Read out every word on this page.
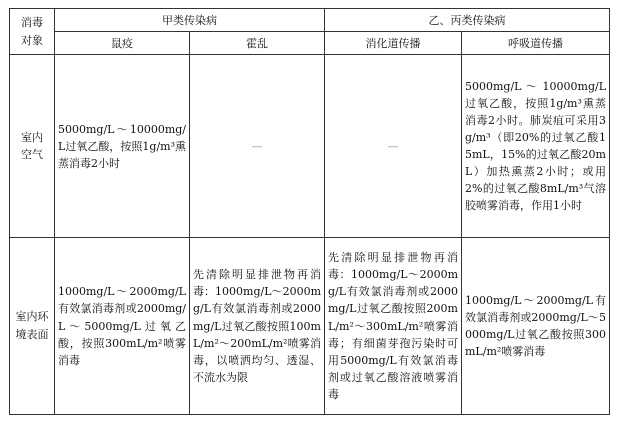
消毒
对象	甲类传染病		乙、丙类传染病	
	鼠疫	霍乱	消化道传播	呼吸道传播

室内
空气	5000mg/L～10000mg/L过氧乙酸，按照1g/m³熏蒸消毒2小时	—	—	5000mg/L ～ 10000mg/L过氧乙酸，按照1g/m³熏蒸消毒2小时。肺炭疽可采用3g/m³（即20%的过氧乙酸15mL，15%的过氧乙酸20mL）加热熏蒸2小时；或用2%的过氧乙酸8mL/m³气溶胶喷雾消毒，作用1小时

室内环
境表面	1000mg/L～2000mg/L有效氯消毒剂或2000mg/L～5000mg/L过氧乙酸，按照300mL/m²喷雾消毒	先清除明显排泄物再消毒：1000mg/L～2000mg/L有效氯消毒剂或2000mg/L过氧乙酸按照100mL/m²～200mL/m²喷雾消毒，以喷洒均匀、透湿、不流水为限	先清除明显排泄物再消毒：1000mg/L～2000mg/L有效氯消毒剂或2000mg/L过氧乙酸按照200mL/m²～300mL/m²喷雾消毒；有细菌芽孢污染时可用5000mg/L有效氯消毒剂或过氧乙酸溶液喷雾消毒	1000mg/L～2000mg/L有效氯消毒剂或2000mg/L～5000mg/L过氧乙酸按照300mL/m²喷雾消毒
